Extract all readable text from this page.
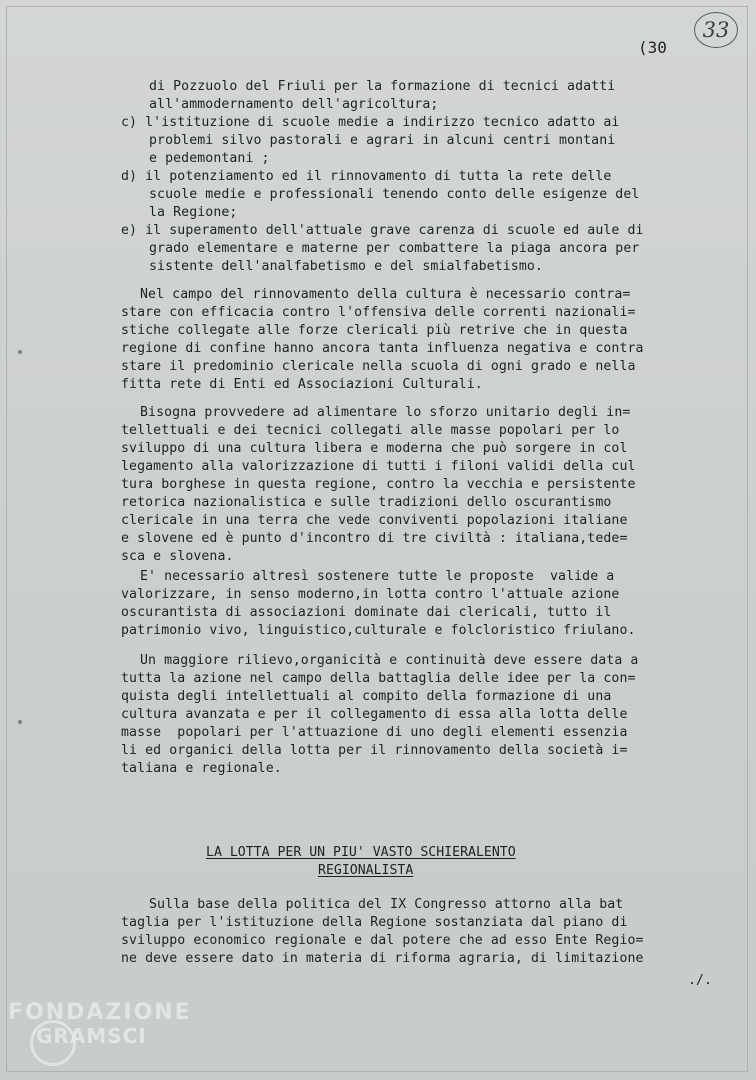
(30
33
di Pozzuolo del Friuli per la formazione di tecnici adatti
all'ammodernamento dell'agricoltura;
c) l'istituzione di scuole medie a indirizzo tecnico adatto ai
problemi silvo pastorali e agrari in alcuni centri montani
e pedemontani ;
d) il potenziamento ed il rinnovamento di tutta la rete delle
scuole medie e professionali tenendo conto delle esigenze del
la Regione;
e) il superamento dell'attuale grave carenza di scuole ed aule di
grado elementare e materne per combattere la piaga ancora per
sistente dell'analfabetismo e del smialfabetismo.
Nel campo del rinnovamento della cultura è necessario contra=
stare con efficacia contro l'offensiva delle correnti nazionali=
stiche collegate alle forze clericali più retrive che in questa
regione di confine hanno ancora tanta influenza negativa e contra
stare il predominio clericale nella scuola di ogni grado e nella
fitta rete di Enti ed Associazioni Culturali.
Bisogna provvedere ad alimentare lo sforzo unitario degli in=
tellettuali e dei tecnici collegati alle masse popolari per lo
sviluppo di una cultura libera e moderna che può sorgere in col
legamento alla valorizzazione di tutti i filoni validi della cul
tura borghese in questa regione, contro la vecchia e persistente
retorica nazionalistica e sulle tradizioni dello oscurantismo
clericale in una terra che vede conviventi popolazioni italiane
e slovene ed è punto d'incontro di tre civiltà : italiana,tede=
sca e slovena.
E' necessario altresì sostenere tutte le proposte  valide a
valorizzare, in senso moderno,in lotta contro l'attuale azione
oscurantista di associazioni dominate dai clericali, tutto il
patrimonio vivo, linguistico,culturale e folcloristico friulano.
Un maggiore rilievo,organicità e continuità deve essere data a
tutta la azione nel campo della battaglia delle idee per la con=
quista degli intellettuali al compito della formazione di una
cultura avanzata e per il collegamento di essa alla lotta delle
masse  popolari per l'attuazione di uno degli elementi essenzia
li ed organici della lotta per il rinnovamento della società i=
taliana e regionale.
LA LOTTA PER UN PIU' VASTO SCHIERALENTO
REGIONALISTA
Sulla base della politica del IX Congresso attorno alla bat
taglia per l'istituzione della Regione sostanziata dal piano di
sviluppo economico regionale e dal potere che ad esso Ente Regio=
ne deve essere dato in materia di riforma agraria, di limitazione
./.
FONDAZIONE
GRAMSCI
